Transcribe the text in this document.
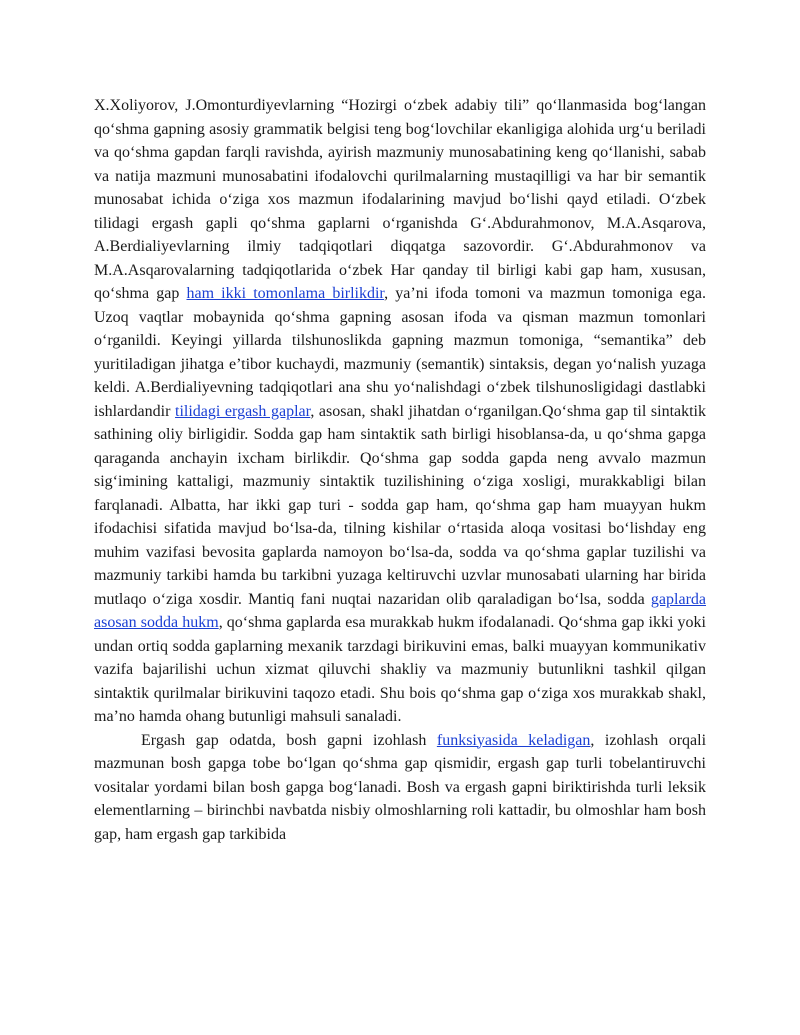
X.Xoliyorov, J.Omonturdiyevlarning “Hozirgi o‘zbek adabiy tili” qo‘llanmasida bog‘langan qo‘shma gapning asosiy grammatik belgisi teng bog‘lovchilar ekanligiga alohida urg‘u beriladi va qo‘shma gapdan farqli ravishda, ayirish mazmuniy munosabatining keng qo‘llanishi, sabab va natija mazmuni munosabatini ifodalovchi qurilmalarning mustaqilligi va har bir semantik munosabat ichida o‘ziga xos mazmun ifodalarining mavjud bo‘lishi qayd etiladi. O‘zbek tilidagi ergash gapli qo‘shma gaplarni o‘rganishda G‘.Abdurahmonov, M.A.Asqarova, A.Berdialiyevlarning ilmiy tadqiqotlari diqqatga sazovordir. G‘.Abdurahmonov va M.A.Asqarovalarning tadqiqotlarida o‘zbek Har qanday til birligi kabi gap ham, xususan, qo‘shma gap ham ikki tomonlama birlikdir, ya’ni ifoda tomoni va mazmun tomoniga ega. Uzoq vaqtlar mobaynida qo‘shma gapning asosan ifoda va qisman mazmun tomonlari o‘rganildi. Keyingi yillarda tilshunoslikda gapning mazmun tomoniga, “semantika” deb yuritiladigan jihatga e’tibor kuchaydi, mazmuniy (semantik) sintaksis, degan yo‘nalish yuzaga keldi. A.Berdialiyevning tadqiqotlari ana shu yo‘nalishdagi o‘zbek tilshunosligidagi dastlabki ishlardandir tilidagi ergash gaplar, asosan, shakl jihatdan o‘rganilgan.Qo‘shma gap til sintaktik sathining oliy birligidir. Sodda gap ham sintaktik sath birligi hisoblansa-da, u qo‘shma gapga qaraganda anchayin ixcham birlikdir. Qo‘shma gap sodda gapda neng avvalo mazmun sig‘imining kattaligi, mazmuniy sintaktik tuzilishining o‘ziga xosligi, murakkabligi bilan farqlanadi. Albatta, har ikki gap turi - sodda gap ham, qo‘shma gap ham muayyan hukm ifodachisi sifatida mavjud bo‘lsa-da, tilning kishilar o‘rtasida aloqa vositasi bo‘lishday eng muhim vazifasi bevosita gaplarda namoyon bo‘lsa-da, sodda va qo‘shma gaplar tuzilishi va mazmuniy tarkibi hamda bu tarkibni yuzaga keltiruvchi uzvlar munosabati ularning har birida mutlaqo o‘ziga xosdir. Mantiq fani nuqtai nazaridan olib qaraladigan bo‘lsa, sodda gaplarda asosan sodda hukm, qo‘shma gaplarda esa murakkab hukm ifodalanadi. Qo‘shma gap ikki yoki undan ortiq sodda gaplarning mexanik tarzdagi birikuvini emas, balki muayyan kommunikativ vazifa bajarilishi uchun xizmat qiluvchi shakliy va mazmuniy butunlikni tashkil qilgan sintaktik qurilmalar birikuvini taqozo etadi. Shu bois qo‘shma gap o‘ziga xos murakkab shakl, ma’no hamda ohang butunligi mahsuli sanaladi.

Ergash gap odatda, bosh gapni izohlash funksiyasida keladigan, izohlash orqali mazmunan bosh gapga tobe bo‘lgan qo‘shma gap qismidir, ergash gap turli tobelantiruvchi vositalar yordami bilan bosh gapga bog‘lanadi. Bosh va ergash gapni biriktirishda turli leksik elementlarning – birinchbi navbatda nisbiy olmoshlarning roli kattadir, bu olmoshlar ham bosh gap, ham ergash gap tarkibida
